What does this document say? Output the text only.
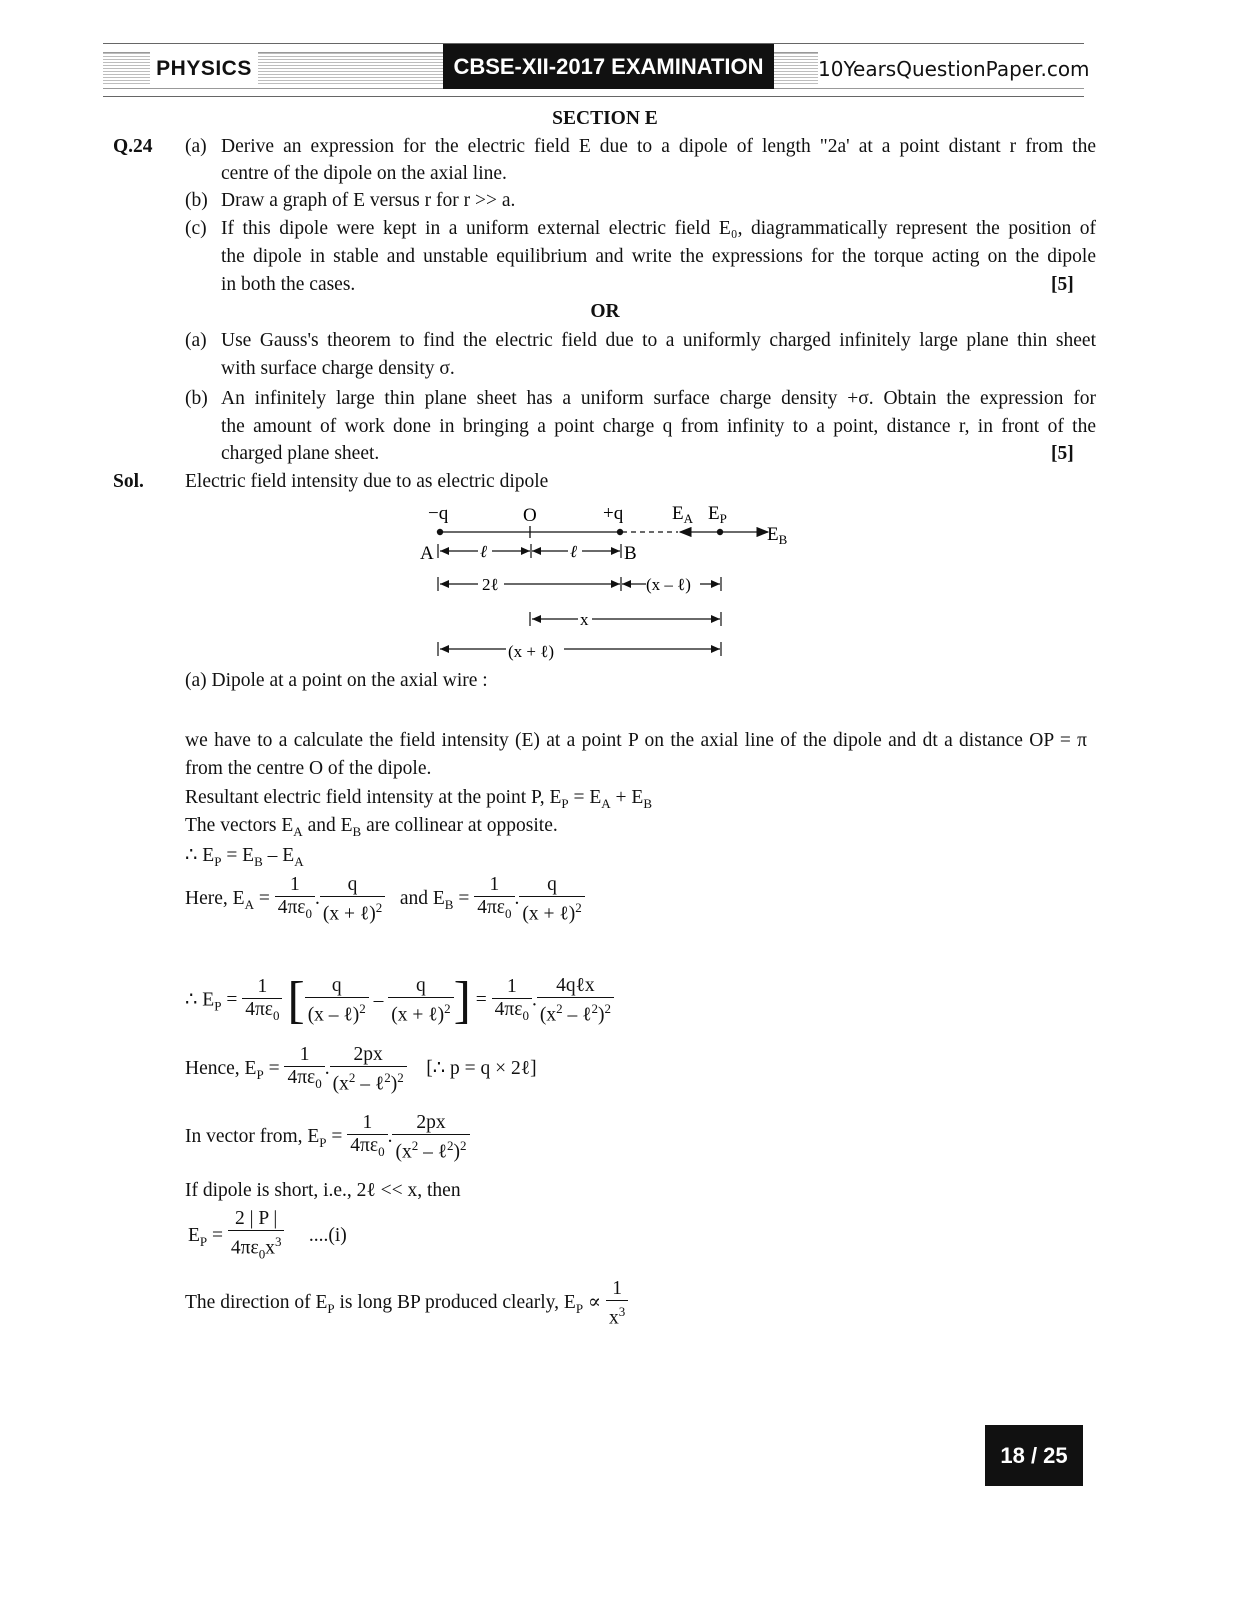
PHYSICS	CBSE-XII-2017 EXAMINATION	10YearsQuestionPaper.com
SECTION E
Q.24 (a) Derive an expression for the electric field E due to a dipole of length "2a' at a point distant r from the
centre of the dipole on the axial line.
(b) Draw a graph of E versus r for r >> a.
(c) If this dipole were kept in a uniform external electric field E₀, diagrammatically represent the position of
the dipole in stable and unstable equilibrium and write the expressions for the torque acting on the dipole
in both the cases.	[5]
OR
(a) Use Gauss's theorem to find the electric field due to a uniformly charged infinitely large plane thin sheet
with surface charge density σ.
(b) An infinitely large thin plane sheet has a uniform surface charge density +σ. Obtain the expression for
the amount of work done in bringing a point charge q from infinity to a point, distance r, in front of the
charged plane sheet.	[5]
Sol. Electric field intensity due to as electric dipole
−q	O	+q	$E_A$ $E_P$
$E_B$
A	ℓ	ℓ B
2ℓ	(x – ℓ)
x
(x + ℓ)
(a) Dipole at a point on the axial wire :
we have to a calculate the field intensity (E) at a point P on the axial line of the dipole and dt a distance OP = π
from the centre O of the dipole.
Resultant electric field intensity at the point P, $E_P = E_A + E_B$
The vectors $E_A$ and $E_B$ are collinear at opposite.
∴ $E_P = E_B - E_A$
Here, $E_A = \frac{1}{4\pi\varepsilon_0}$ . $\frac{q}{(x + \ell)^2}$ and $E_B = \frac{1}{4\pi\varepsilon_0}$ . $\frac{q}{(x + \ell)^2}$
∴ $E_P = \frac{1}{4\pi\varepsilon_0}$ [ $\frac{q}{(x - \ell)^2} - \frac{q}{(x + \ell)^2}$ ] = $\frac{1}{4\pi\varepsilon_0}$ . $\frac{\text{4qℓx}}{(x^2 - \ell^2)^2}$
Hence, $E_P = \frac{1}{4\pi\varepsilon_0}$ . $\frac{2px}{(x^2 - \ell^2)^2}$ [∴ p = q × 2ℓ]
In vector from, $E_P = \frac{1}{4\pi\varepsilon_0}$ . $\frac{2px}{(x^2 - \ell^2)^2}$
If dipole is short, i.e., 2ℓ << x, then
$E_P = \frac{2 | P |}{4\pi\varepsilon_0x^3} ....(i)$
The direction of $E_P$ is long BP produced clearly, $E_P \propto \frac{1}{x^3}$
18 / 25
